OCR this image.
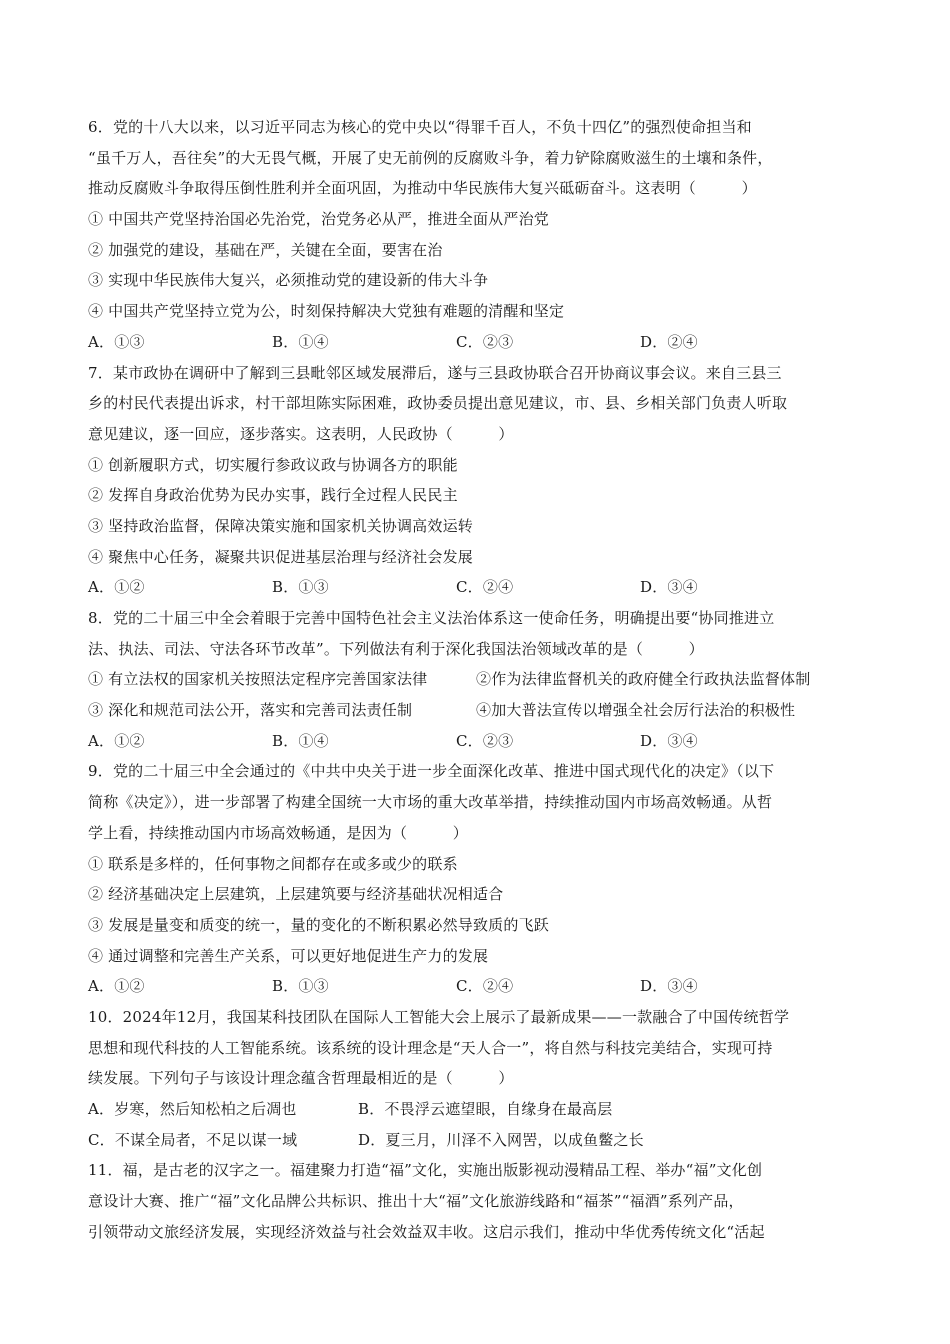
6．党的十八大以来，以习近平同志为核心的党中央以“得罪千百人，不负十四亿”的强烈使命担当和
“虽千万人，吾往矣”的大无畏气概，开展了史无前例的反腐败斗争，着力铲除腐败滋生的土壤和条件，
推动反腐败斗争取得压倒性胜利并全面巩固，为推动中华民族伟大复兴砥砺奋斗。这表明（　　　）
① 中国共产党坚持治国必先治党，治党务必从严，推进全面从严治党
② 加强党的建设，基础在严，关键在全面，要害在治
③ 实现中华民族伟大复兴，必须推动党的建设新的伟大斗争
④ 中国共产党坚持立党为公，时刻保持解决大党独有难题的清醒和坚定
A．①③	B．①④	C．②③	D．②④
7．某市政协在调研中了解到三县毗邻区域发展滞后，遂与三县政协联合召开协商议事会议。来自三县三
乡的村民代表提出诉求，村干部坦陈实际困难，政协委员提出意见建议，市、县、乡相关部门负责人听取
意见建议，逐一回应，逐步落实。这表明，人民政协（　　　）
① 创新履职方式，切实履行参政议政与协调各方的职能
② 发挥自身政治优势为民办实事，践行全过程人民民主
③ 坚持政治监督，保障决策实施和国家机关协调高效运转
④ 聚焦中心任务，凝聚共识促进基层治理与经济社会发展
A．①②	B．①③	C．②④	D．③④
8．党的二十届三中全会着眼于完善中国特色社会主义法治体系这一使命任务，明确提出要“协同推进立
法、执法、司法、守法各环节改革”。下列做法有利于深化我国法治领域改革的是（　　　）
① 有立法权的国家机关按照法定程序完善国家法律	②作为法律监督机关的政府健全行政执法监督体制
③ 深化和规范司法公开，落实和完善司法责任制	④加大普法宣传以增强全社会厉行法治的积极性
A．①②	B．①④	C．②③	D．③④
9．党的二十届三中全会通过的《中共中央关于进一步全面深化改革、推进中国式现代化的决定》（以下
简称《决定》），进一步部署了构建全国统一大市场的重大改革举措，持续推动国内市场高效畅通。从哲
学上看，持续推动国内市场高效畅通，是因为（　　　）
① 联系是多样的，任何事物之间都存在或多或少的联系
② 经济基础决定上层建筑，上层建筑要与经济基础状况相适合
③ 发展是量变和质变的统一，量的变化的不断积累必然导致质的飞跃
④ 通过调整和完善生产关系，可以更好地促进生产力的发展
A．①②	B．①③	C．②④	D．③④
10．2024年12月，我国某科技团队在国际人工智能大会上展示了最新成果——一款融合了中国传统哲学
思想和现代科技的人工智能系统。该系统的设计理念是“天人合一”，将自然与科技完美结合，实现可持
续发展。下列句子与该设计理念蕴含哲理最相近的是（　　　）
A．岁寒，然后知松柏之后凋也	B．不畏浮云遮望眼，自缘身在最高层
C．不谋全局者，不足以谋一域	D．夏三月，川泽不入网罟，以成鱼鳖之长
11．福，是古老的汉字之一。福建聚力打造“福”文化，实施出版影视动漫精品工程、举办“福”文化创
意设计大赛、推广“福”文化品牌公共标识、推出十大“福”文化旅游线路和“福茶”“福酒”系列产品，
引领带动文旅经济发展，实现经济效益与社会效益双丰收。这启示我们，推动中华优秀传统文化“活起
